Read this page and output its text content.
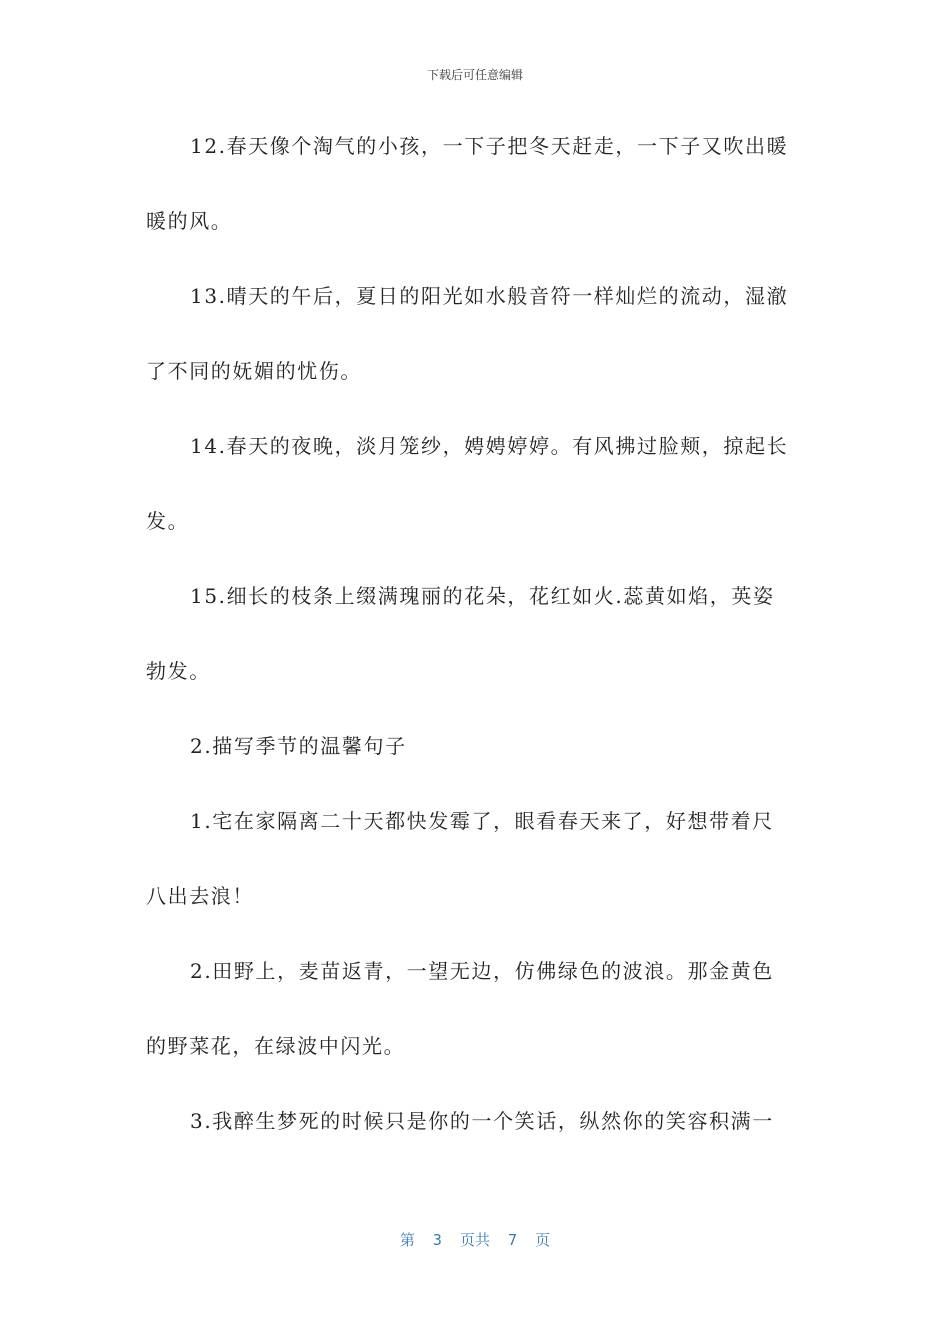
下载后可任意编辑
12.春天像个淘气的小孩，一下子把冬天赶走，一下子又吹出暖
暖的风。
13.晴天的午后，夏日的阳光如水般音符一样灿烂的流动，湿澈
了不同的妩媚的忧伤。
14.春天的夜晚，淡月笼纱，娉娉婷婷。有风拂过脸颊，掠起长
发。
15.细长的枝条上缀满瑰丽的花朵，花红如火.蕊黄如焰，英姿
勃发。
2.描写季节的温馨句子
1.宅在家隔离二十天都快发霉了，眼看春天来了，好想带着尺
八出去浪！
2.田野上，麦苗返青，一望无边，仿佛绿色的波浪。那金黄色
的野菜花，在绿波中闪光。
3.我醉生梦死的时候只是你的一个笑话，纵然你的笑容积满一
第  3  页共  7  页
